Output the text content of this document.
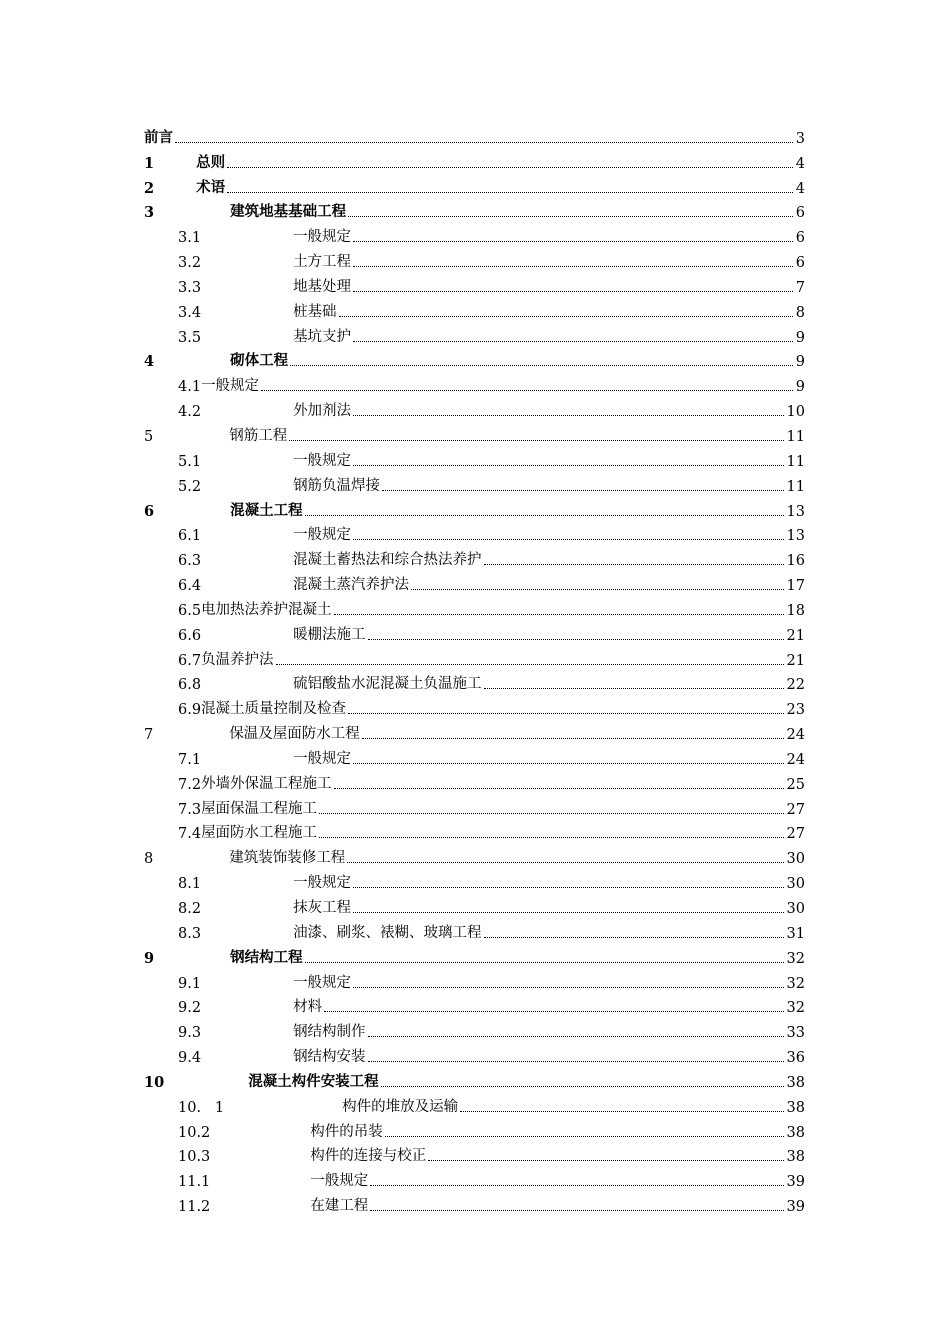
前言	3
1	总则	4
2	术语	4
3	建筑地基基础工程	6
3.1	一般规定	6
3.2	土方工程	6
3.3	地基处理	7
3.4	桩基础	8
3.5	基坑支护	9
4	砌体工程	9
4.1 一般规定	9
4.2	外加剂法	10
5	钢筋工程	11
5.1	一般规定	11
5.2	钢筋负温焊接	11
6	混凝土工程	13
6.1	一般规定	13
6.3	混凝土蓄热法和综合热法养护	16
6.4	混凝土蒸汽养护法	17
6.5 电加热法养护混凝土	18
6.6	暖棚法施工	21
6.7 负温养护法	21
6.8	硫铝酸盐水泥混凝土负温施工	22
6.9 混凝土质量控制及检查	23
7	保温及屋面防水工程	24
7.1	一般规定	24
7.2 外墙外保温工程施工	25
7.3 屋面保温工程施工	27
7.4 屋面防水工程施工	27
8	建筑装饰装修工程	30
8.1	一般规定	30
8.2	抹灰工程	30
8.3	油漆、刷浆、裱糊、玻璃工程	31
9	钢结构工程	32
9.1	一般规定	32
9.2	材料	32
9.3	钢结构制作	33
9.4	钢结构安装	36
10	混凝土构件安装工程	38
10.   1	构件的堆放及运输	38
10.2	构件的吊装	38
10.3	构件的连接与校正	38
11.1	一般规定	39
11.2	在建工程	39
